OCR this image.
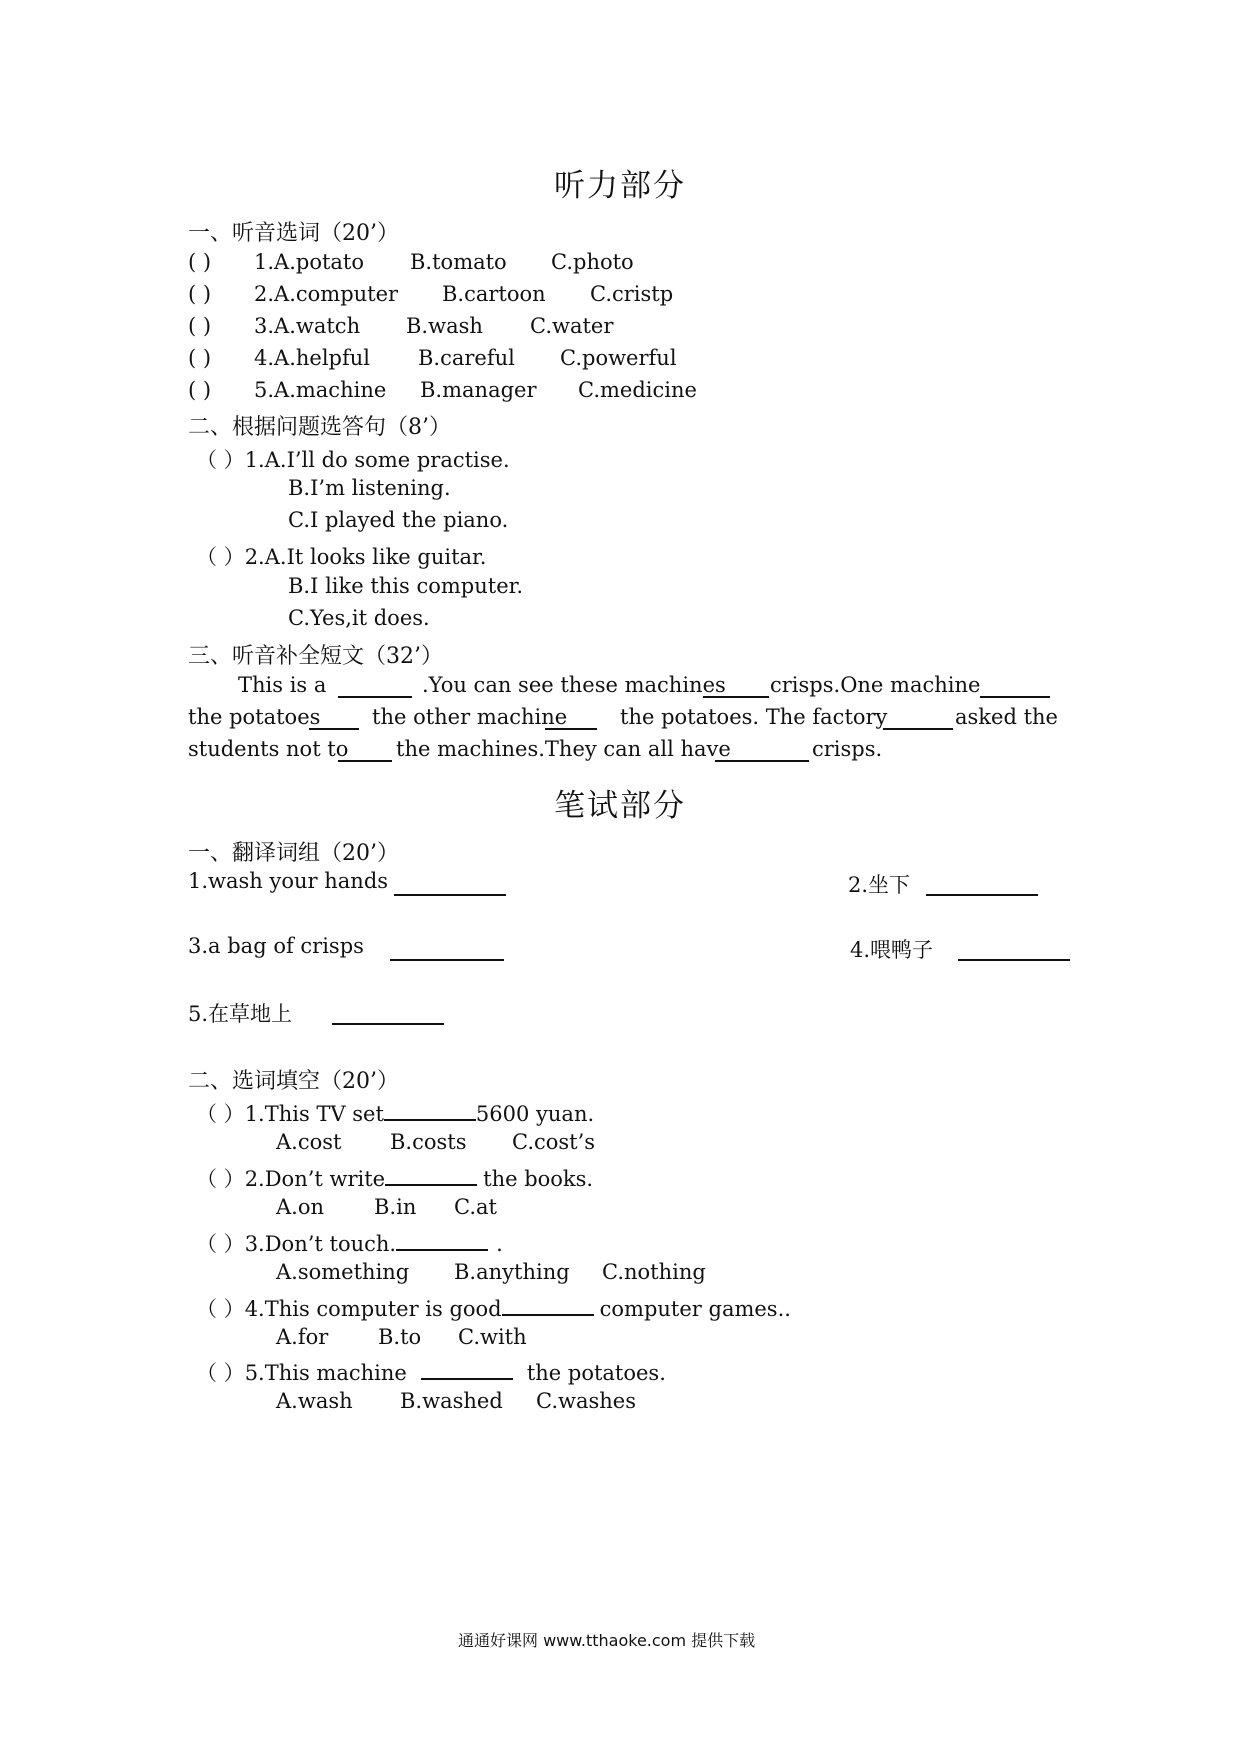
听力部分
一、听音选词（20’）
( ) 1.A.potato B.tomato C.photo
( ) 2.A.computer B.cartoon C.cristp
( ) 3.A.watch B.wash C.water
( ) 4.A.helpful B.careful C.powerful
( ) 5.A.machine B.manager C.medicine
二、根据问题选答句（8’）
（ ）1.A.I’ll do some practise.
B.I’m listening.
C.I played the piano.
（ ）2.A.It looks like guitar.
B.I like this computer.
C.Yes,it does.
三、听音补全短文（32’）
This is a	.You can see these machines crisps.One machine
the potatoes the other machine	the potatoes. The factory	asked the
students not to the machines.They can all have	crisps.
笔试部分
一、翻译词组（20’）
1.wash your hands	2.坐下
3.a bag of crisps	4.喂鸭子
5.在草地上
二、选词填空（20’）
（ ）1.This TV set	5600 yuan.
A.cost B.costs C.cost’s
（ ）2.Don’t write	the books.
A.on B.in C.at
（ ）3.Don’t touch.	.
A.something B.anything C.nothing
（ ）4.This computer is good	computer games..
A.for B.to C.with
（ ）5.This machine	the potatoes.
A.wash B.washed C.washes
通通好课网 www.tthaoke.com 提供下载
